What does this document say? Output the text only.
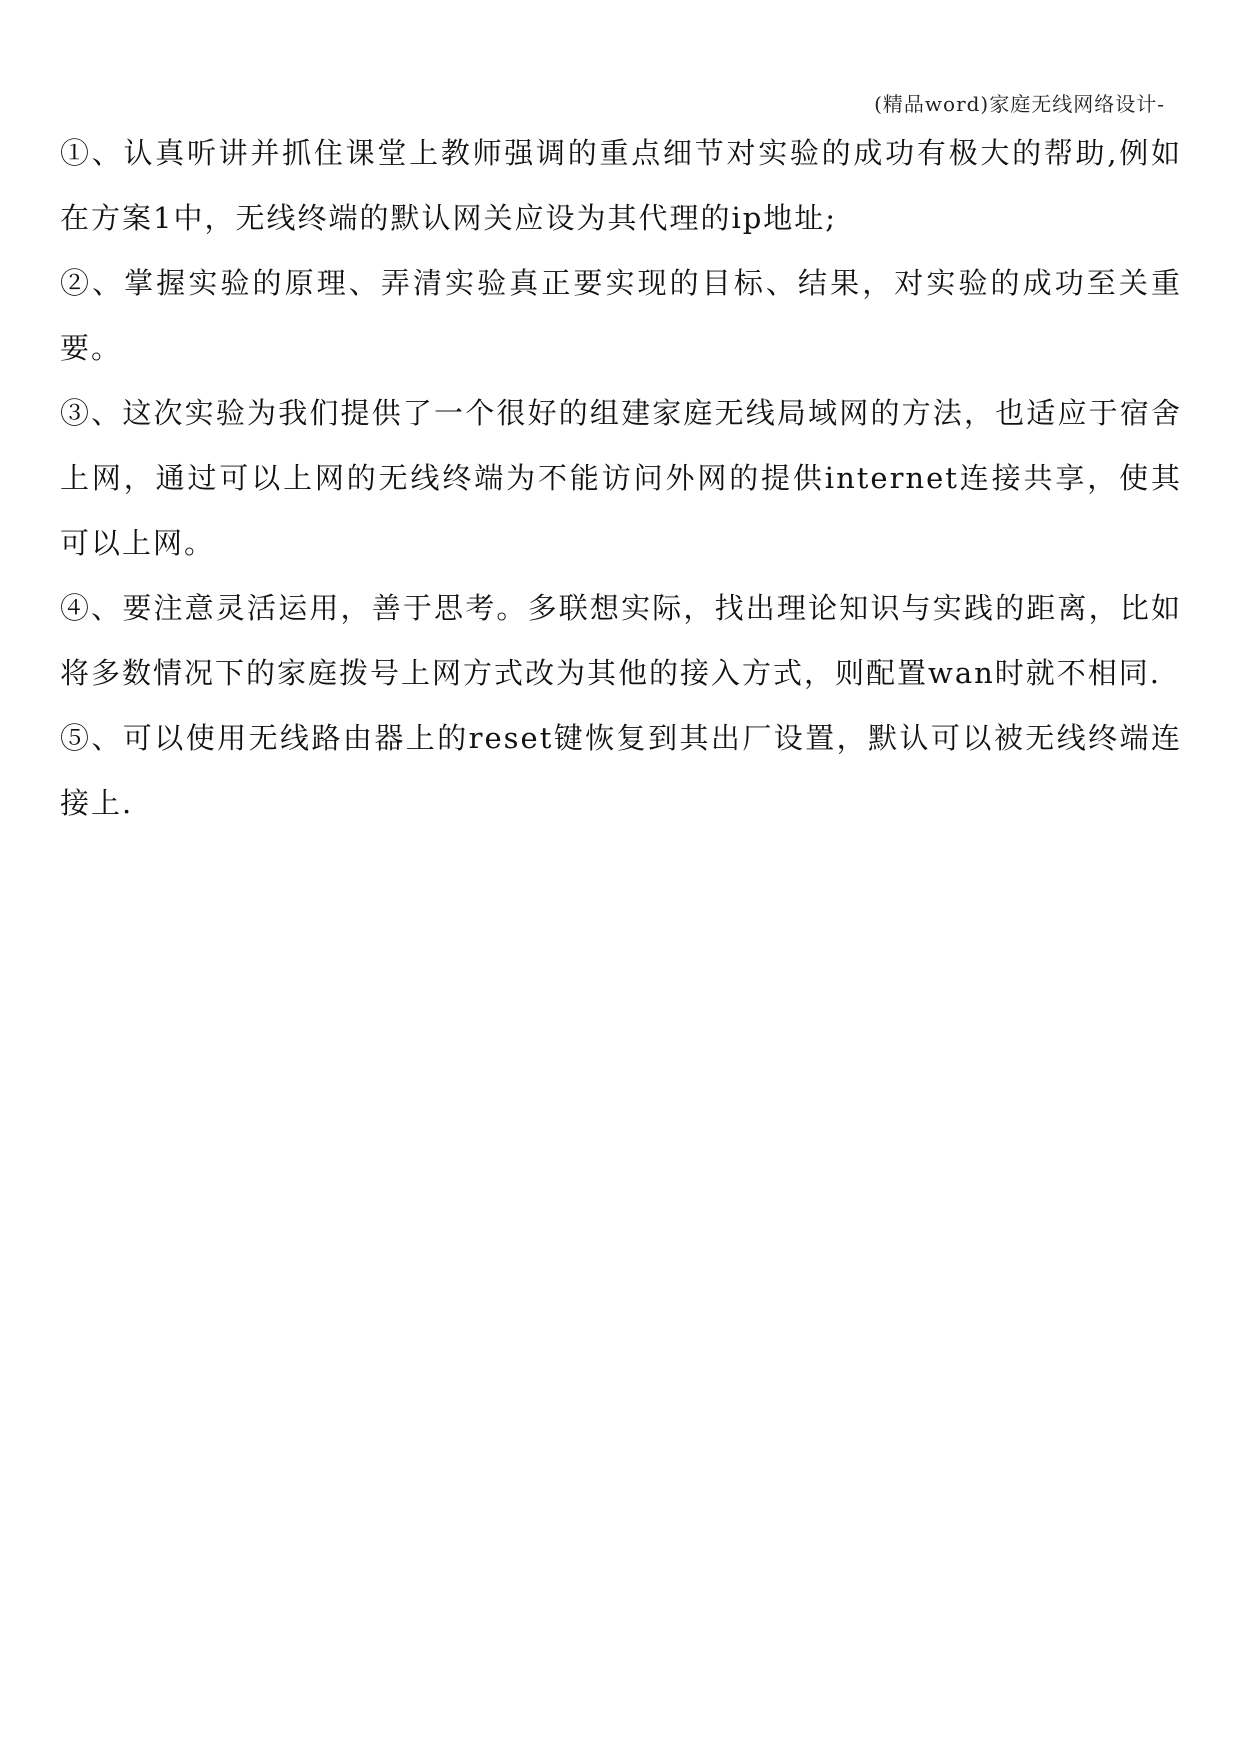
(精品word)家庭无线网络设计-

①、认真听讲并抓住课堂上教师强调的重点细节对实验的成功有极大的帮助,例如在方案1中，无线终端的默认网关应设为其代理的ip地址;

②、掌握实验的原理、弄清实验真正要实现的目标、结果，对实验的成功至关重要。

③、这次实验为我们提供了一个很好的组建家庭无线局域网的方法，也适应于宿舍上网，通过可以上网的无线终端为不能访问外网的提供internet连接共享，使其可以上网。

④、要注意灵活运用，善于思考。多联想实际，找出理论知识与实践的距离，比如将多数情况下的家庭拨号上网方式改为其他的接入方式，则配置wan时就不相同.

⑤、可以使用无线路由器上的reset键恢复到其出厂设置，默认可以被无线终端连接上.
